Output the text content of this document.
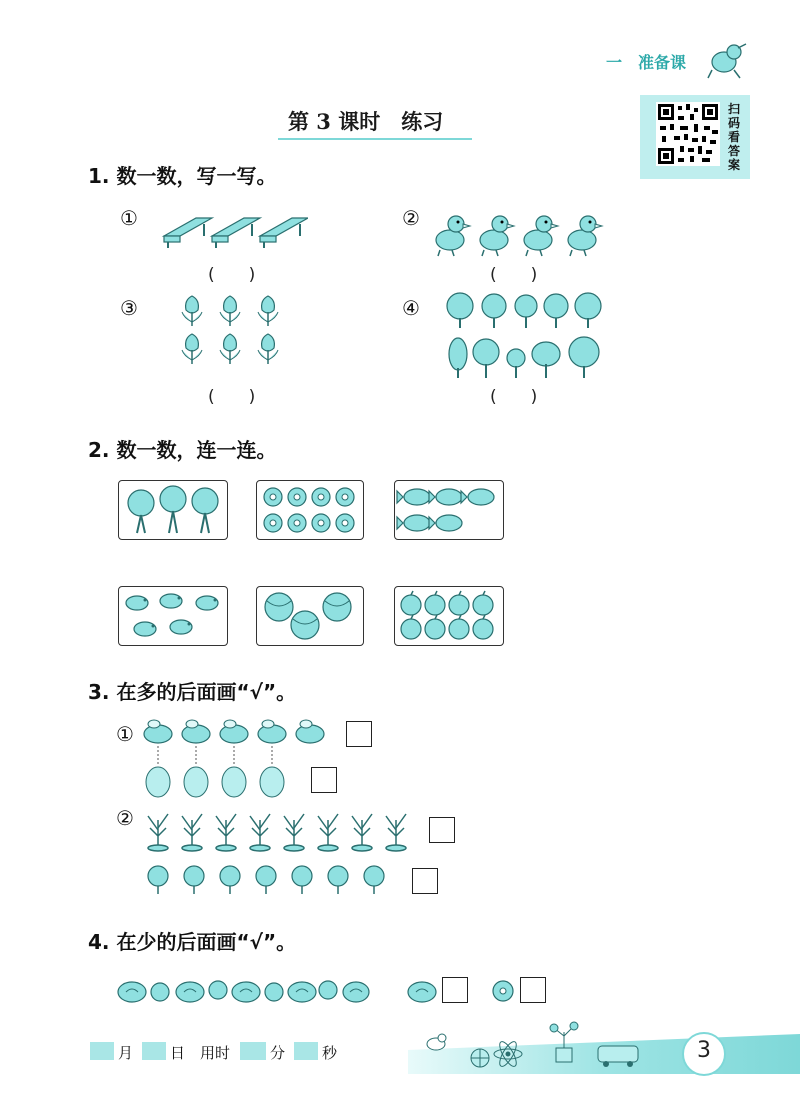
一　准备课
第 3 课时　练习	扫码看答案
1. 数一数，写一写。
①
(　　)
②
(　　)
③
(　　)
④
(　　)
2. 数一数，连一连。
3. 在多的后面画“√”。
①
②
4. 在少的后面画“√”。
月 日 用时	分 秒	3
